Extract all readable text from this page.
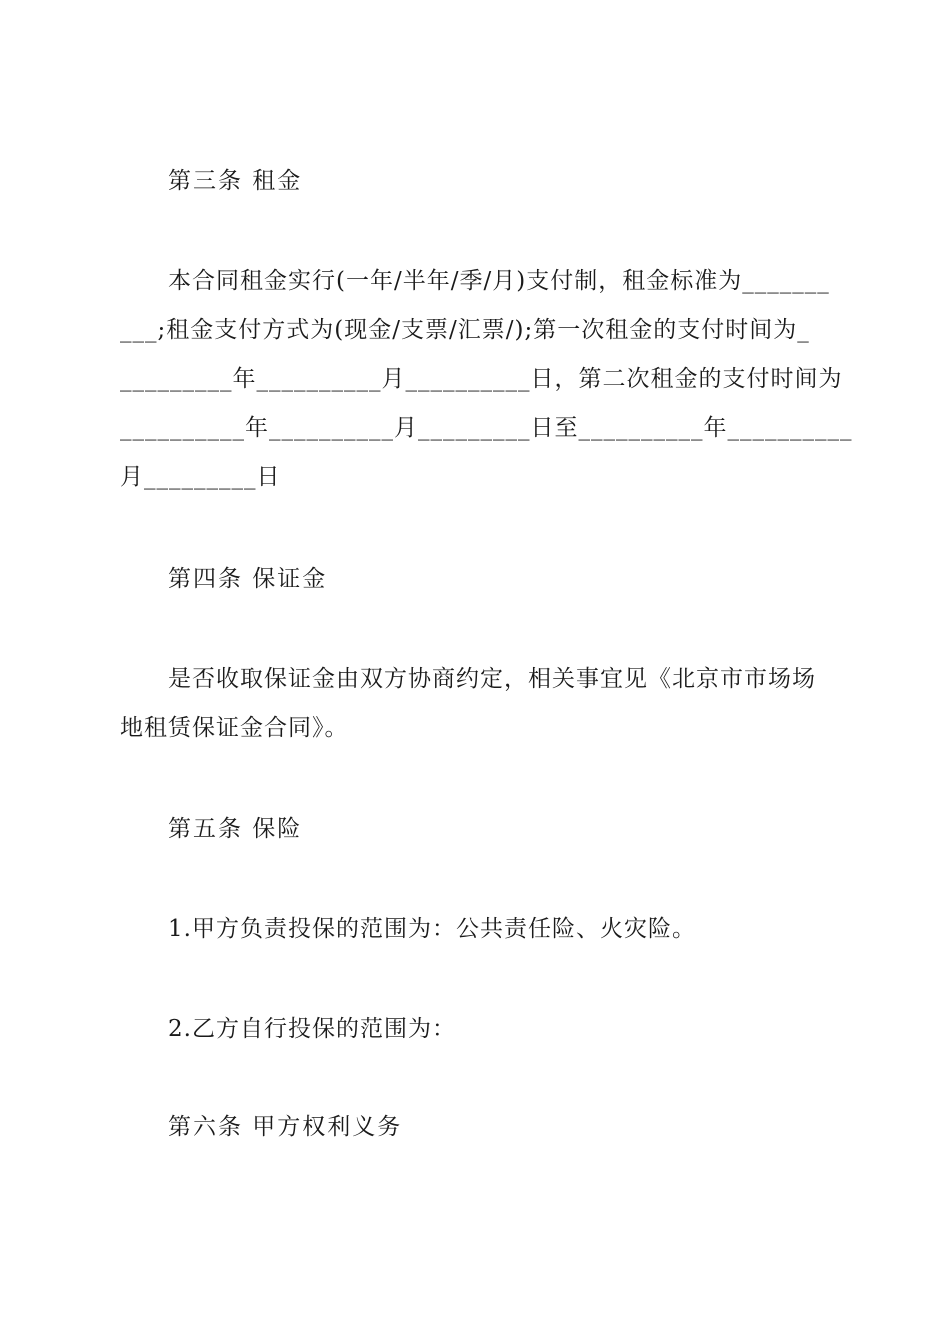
第三条 租金
本合同租金实行(一年/半年/季/月)支付制，租金标准为_______
___;租金支付方式为(现金/支票/汇票/);第一次租金的支付时间为_
_________年__________月__________日，第二次租金的支付时间为
__________年__________月_________日至__________年__________
月_________日
第四条 保证金
是否收取保证金由双方协商约定，相关事宜见《北京市市场场
地租赁保证金合同》。
第五条 保险
1.甲方负责投保的范围为：公共责任险、火灾险。
2.乙方自行投保的范围为：
第六条 甲方权利义务
